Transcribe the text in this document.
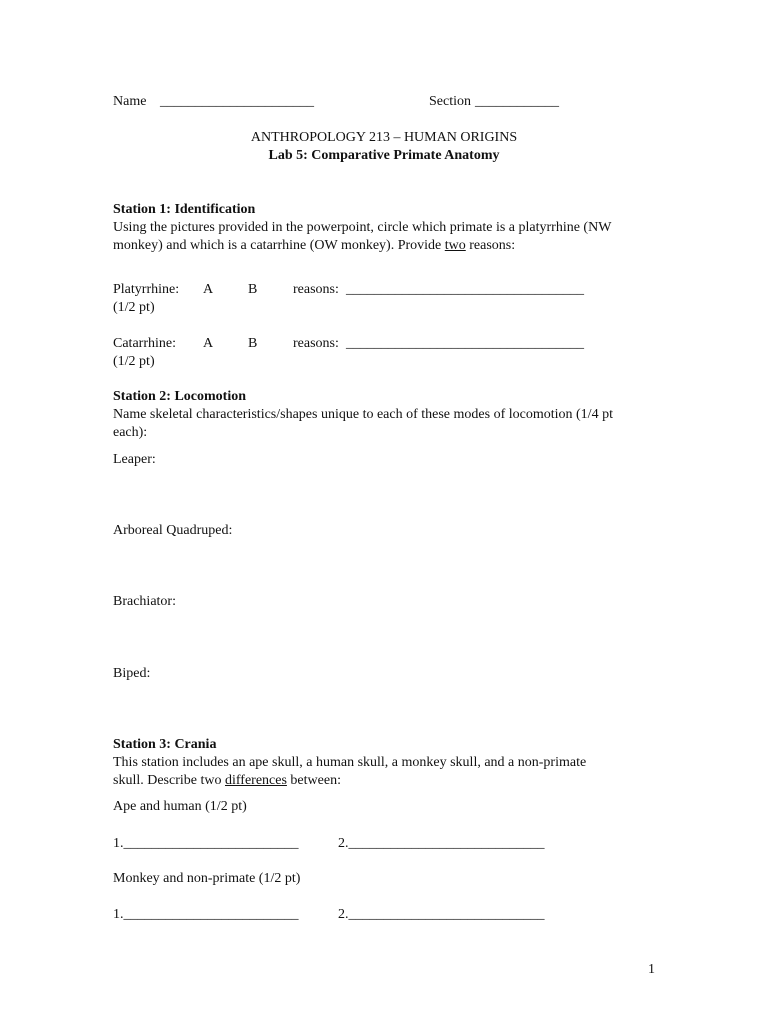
Name ______________________	Section ____________
ANTHROPOLOGY 213 – HUMAN ORIGINS
Lab 5: Comparative Primate Anatomy
Station 1: Identification
Using the pictures provided in the powerpoint, circle which primate is a platyrrhine (NW
monkey) and which is a catarrhine (OW monkey). Provide two reasons:
Platyrrhine: A B	reasons: __________________________________
(1/2 pt)
Catarrhine: A B	reasons: __________________________________
(1/2 pt)
Station 2: Locomotion
Name skeletal characteristics/shapes unique to each of these modes of locomotion (1/4 pt
each):
Leaper:
Arboreal Quadruped:
Brachiator:
Biped:
Station 3: Crania
This station includes an ape skull, a human skull, a monkey skull, and a non-primate
skull. Describe two differences between:
Ape and human (1/2 pt)
1._________________________	2.____________________________
Monkey and non-primate (1/2 pt)
1._________________________	2.____________________________
1
